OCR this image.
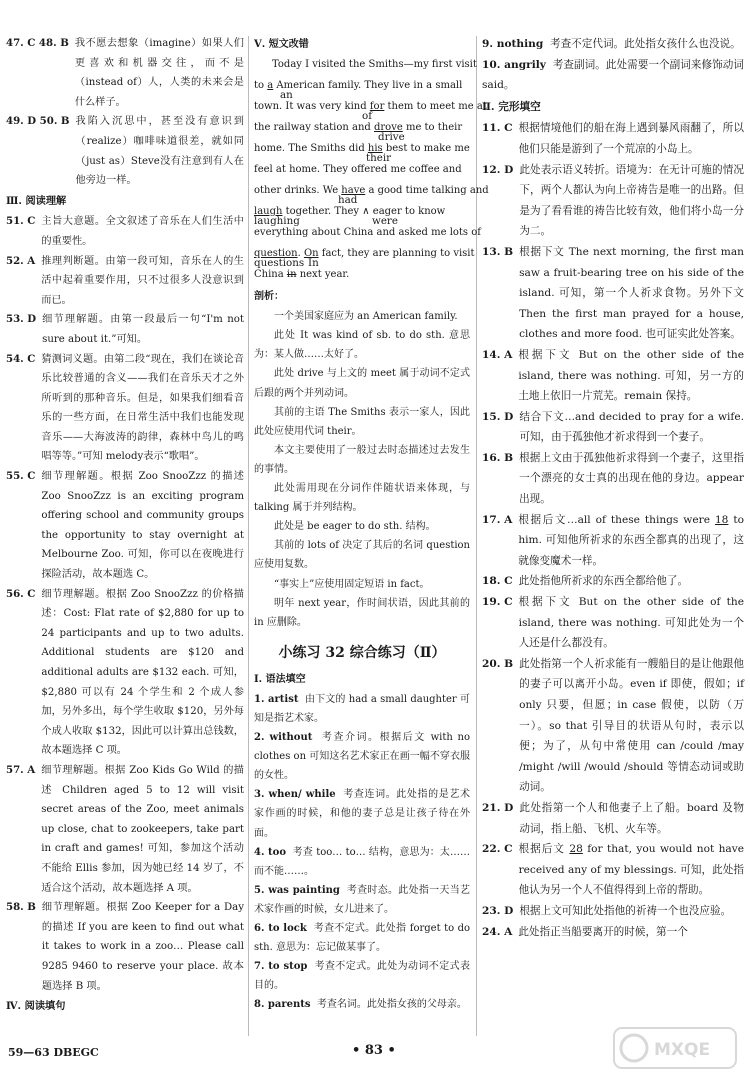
47. C 48. B 我不愿去想象（imagine）如果人们更喜欢和机器交往，而不是（instead of）人，人类的未来会是什么样子。
49. D 50. B 我陷入沉思中，甚至没有意识到（realize）咖啡味道很差，就如同（just as）Steve没有注意到有人在他旁边一样。
Ⅲ. 阅读理解
51. C 主旨大意题。全文叙述了音乐在人们生活中的重要性。
52. A 推理判断题。由第一段可知，音乐在人的生活中起着重要作用，只不过很多人没意识到而已。
53. D 细节理解题。由第一段最后一句“I'm not sure about it.”可知。
54. C 猜测词义题。由第二段“现在，我们在谈论音乐比较普通的含义——我们在音乐天才之外所听到的那种音乐。但是，如果我们细看音乐的一些方面，在日常生活中我们也能发现音乐——大海波涛的韵律，森林中鸟儿的鸣唱等等。”可知 melody表示“歌唱”。
55. C 细节理解题。根据 Zoo SnooZzz 的描述 Zoo SnooZzz is an exciting program offering school and community groups the opportunity to stay overnight at Melbourne Zoo. 可知，你可以在夜晚进行探险活动，故本题选 C。
56. C 细节理解题。根据 Zoo SnooZzz 的价格描述：Cost: Flat rate of $2,880 for up to 24 participants and up to two adults. Additional students are $120 and additional adults are $132 each. 可知，$2,880 可以有 24 个学生和 2 个成人参加，另外多出，每个学生收取 $120，另外每个成人收取 $132，因此可以计算出总钱数，故本题选择 C 项。
57. A 细节理解题。根据 Zoo Kids Go Wild 的描述 Children aged 5 to 12 will visit secret areas of the Zoo, meet animals up close, chat to zookeepers, take part in craft and games! 可知，参加这个活动不能给 Ellis 参加，因为她已经 14 岁了，不适合这个活动，故本题选择 A 项。
58. B 细节理解题。根据 Zoo Keeper for a Day 的描述 If you are keen to find out what it takes to work in a zoo… Please call 9285 9460 to reserve your place. 故本题选择 B 项。
Ⅳ. 阅读填句
Ⅴ. 短文改错
Today I visited the Smiths—my first visit
to a American family. They live in a small
an
town. It was very kind for them to meet me at
of
the railway station and drove me to their
drive
home. The Smiths did his best to make me
their
feel at home. They offered me coffee and
other drinks. We have a good time talking and
had
laugh together. They ∧ eager to know
laughing	were
everything about China and asked me lots of
question. On fact, they are planning to visit
questions In
China in next year.
剖析：
一个美国家庭应为 an American family.
此处 It was kind of sb. to do sth. 意思为：某人做……太好了。
此处 drive 与上文的 meet 属于动词不定式后跟的两个并列动词。
其前的主语 The Smiths 表示一家人，因此此处应使用代词 their。
本文主要使用了一般过去时态描述过去发生的事情。
此处需用现在分词作伴随状语来体现，与 talking 属于并列结构。
此处是 be eager to do sth. 结构。
其前的 lots of 决定了其后的名词 question 应使用复数。
“事实上”应使用固定短语 in fact。
明年 next year，作时间状语，因此其前的 in 应删除。
小练习 32 综合练习（Ⅱ）
Ⅰ. 语法填空
1. artist 由下文的 had a small daughter 可知是指艺术家。
2. without 考查介词。根据后文 with no clothes on 可知这名艺术家正在画一幅不穿衣服的女性。
3. when/ while 考查连词。此处指的是艺术家作画的时候，和他的妻子总是让孩子待在外面。
4. too 考查 too… to… 结构，意思为：太……而不能……。
5. was painting 考查时态。此处指一天当艺术家作画的时候，女儿进来了。
6. to lock 考查不定式。此处指 forget to do sth. 意思为：忘记做某事了。
7. to stop 考查不定式。此处为动词不定式表目的。
8. parents 考查名词。此处指女孩的父母亲。
9. nothing 考查不定代词。此处指女孩什么也没说。
10. angrily 考查副词。此处需要一个副词来修饰动词 said。
Ⅱ. 完形填空
11. C 根据情境他们的船在海上遇到暴风雨翻了，所以他们只能是游到了一个荒凉的小岛上。
12. D 此处表示语义转折。语境为：在无计可施的情况下，两个人都认为向上帝祷告是唯一的出路。但是为了看看谁的祷告比较有效，他们将小岛一分为二。
13. B 根据下文 The next morning, the first man saw a fruit-bearing tree on his side of the island. 可知，第一个人祈求食物。另外下文 Then the first man prayed for a house, clothes and more food. 也可证实此处答案。
14. A 根据下文 But on the other side of the island, there was nothing. 可知，另一方的土地上依旧一片荒芜。remain 保持。
15. D 结合下文…and decided to pray for a wife. 可知，由于孤独他才祈求得到一个妻子。
16. B 根据上文由于孤独他祈求得到一个妻子，这里指一个漂亮的女士真的出现在他的身边。appear 出现。
17. A 根据后文…all of these things were 18 to him. 可知他所祈求的东西全都真的出现了，这就像变魔术一样。
18. C 此处指他所祈求的东西全都给他了。
19. C 根据下文 But on the other side of the island, there was nothing. 可知此处为一个人还是什么都没有。
20. B 此处指第一个人祈求能有一艘船目的是让他跟他的妻子可以离开小岛。even if 即使，假如；if only 只要，但愿；in case 假使，以防（万一）。so that 引导目的状语从句时，表示以便；为了，从句中常使用 can /could /may /might /will /would /should 等情态动词或助动词。
21. D 此处指第一个人和他妻子上了船。board 及物动词，指上船、飞机、火车等。
22. C 根据后文 28 for that, you would not have received any of my blessings. 可知，此处指他认为另一个人不值得得到上帝的帮助。
23. D 根据上文可知此处指他的祈祷一个也没应验。
24. A 此处指正当船要离开的时候，第一个
59—63 DBEGC	• 83 •	MXQE
